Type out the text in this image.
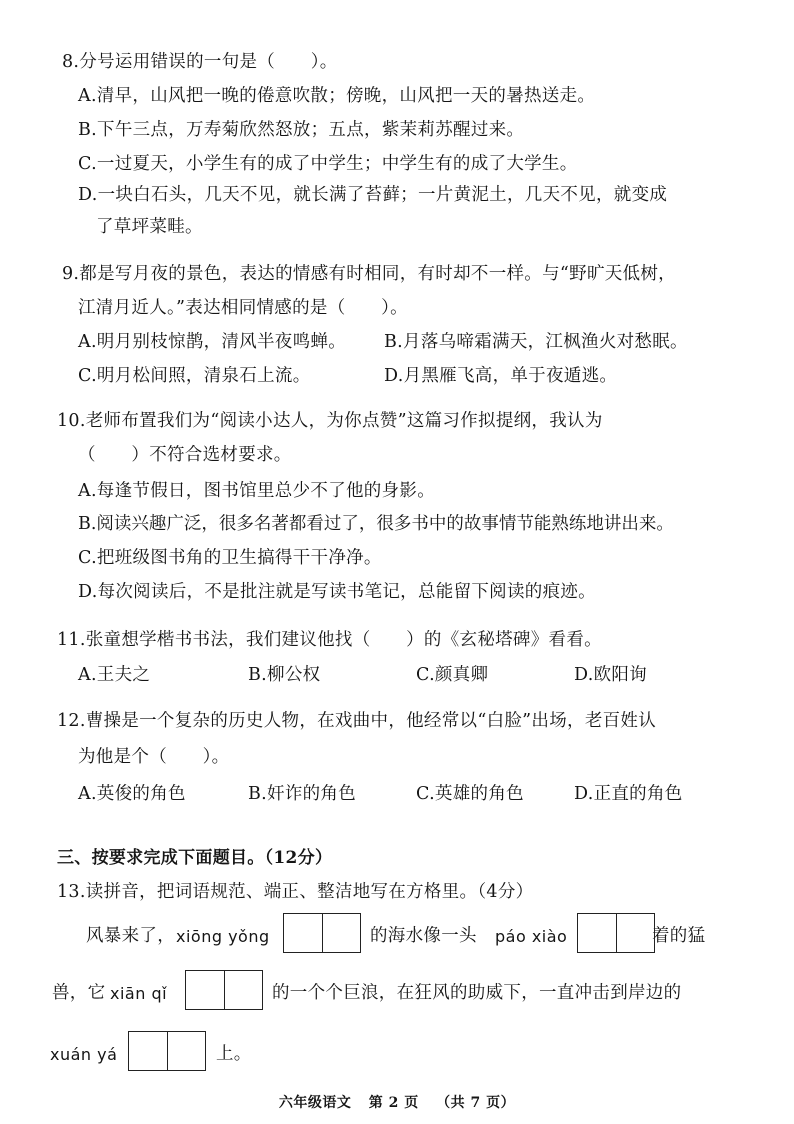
8.分号运用错误的一句是（　　）。
A.清早，山风把一晚的倦意吹散；傍晚，山风把一天的暑热送走。
B.下午三点，万寿菊欣然怒放；五点，紫茉莉苏醒过来。
C.一过夏天，小学生有的成了中学生；中学生有的成了大学生。
D.一块白石头，几天不见，就长满了苔藓；一片黄泥土，几天不见，就变成
了草坪菜畦。
9.都是写月夜的景色，表达的情感有时相同，有时却不一样。与“野旷天低树，
江清月近人。”表达相同情感的是（　　）。
A.明月别枝惊鹊，清风半夜鸣蝉。 B.月落乌啼霜满天，江枫渔火对愁眠。
C.明月松间照，清泉石上流。	D.月黑雁飞高，单于夜遁逃。
10.老师布置我们为“阅读小达人，为你点赞”这篇习作拟提纲，我认为
（　　）不符合选材要求。
A.每逢节假日，图书馆里总少不了他的身影。
B.阅读兴趣广泛，很多名著都看过了，很多书中的故事情节能熟练地讲出来。
C.把班级图书角的卫生搞得干干净净。
D.每次阅读后，不是批注就是写读书笔记，总能留下阅读的痕迹。
11.张童想学楷书书法，我们建议他找（　　）的《玄秘塔碑》看看。
A.王夫之	B.柳公权	C.颜真卿	D.欧阳询
12.曹操是一个复杂的历史人物，在戏曲中，他经常以“白脸”出场，老百姓认
为他是个（　　）。
A.英俊的角色	B.奸诈的角色	C.英雄的角色	D.正直的角色
三、按要求完成下面题目。（12分）
13.读拼音，把词语规范、端正、整洁地写在方格里。（4分）
风暴来了， xiōng yǒng	的海水像一头 páo xiào	着的猛
兽，它 xiān qǐ	的一个个巨浪，在狂风的助威下，一直冲击到岸边的
xuán yá	上。
六年级语文 第 2 页 （共 7 页）
